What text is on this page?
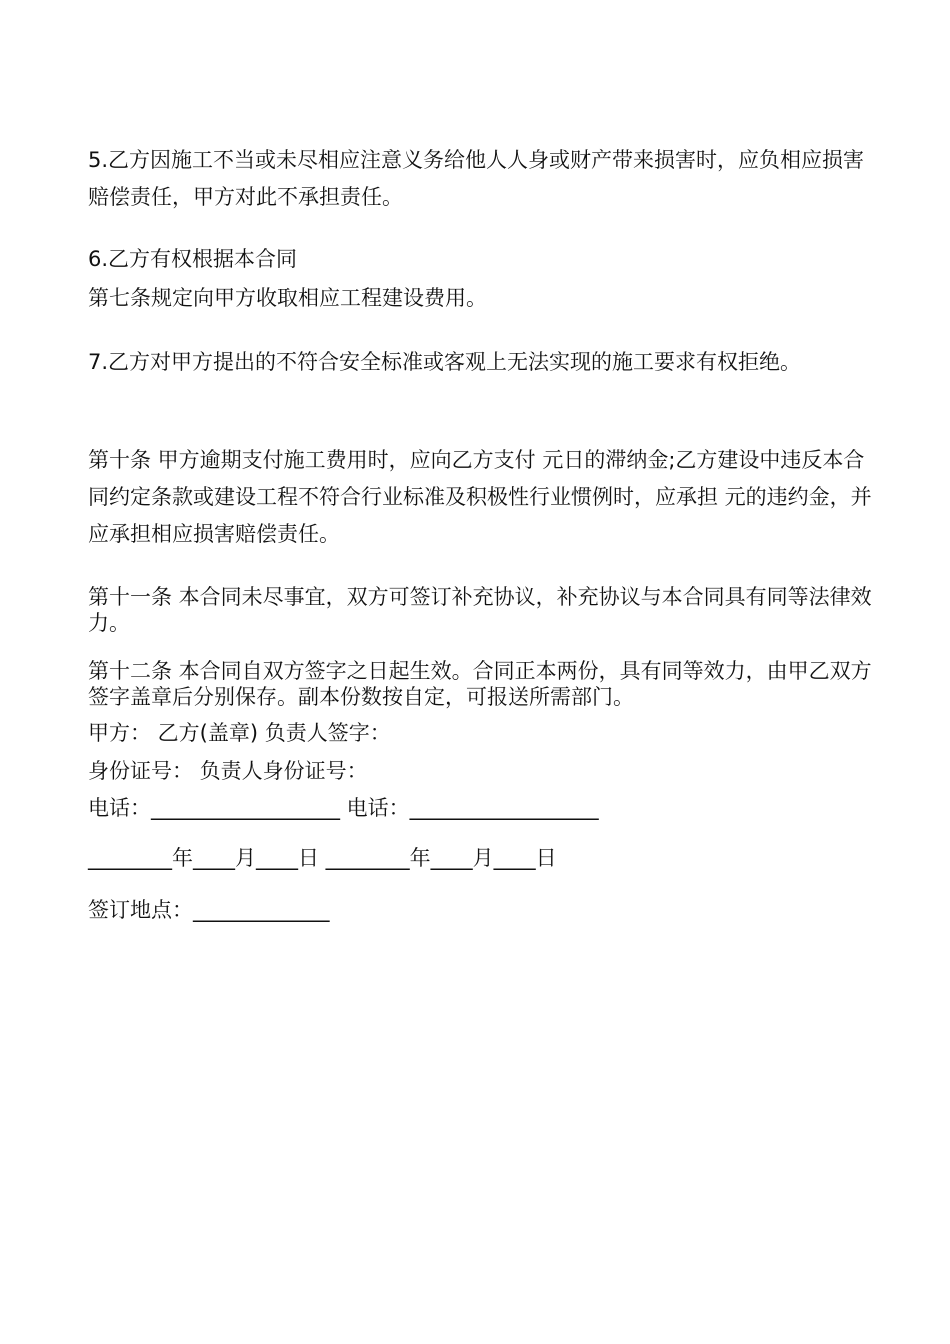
5.乙方因施工不当或未尽相应注意义务给他人人身或财产带来损害时，应负相应损害赔偿责任，甲方对此不承担责任。

6.乙方有权根据本合同

第七条规定向甲方收取相应工程建设费用。

7.乙方对甲方提出的不符合安全标准或客观上无法实现的施工要求有权拒绝。

第十条 甲方逾期支付施工费用时，应向乙方支付 元日的滞纳金;乙方建设中违反本合同约定条款或建设工程不符合行业标准及积极性行业惯例时，应承担 元的违约金，并应承担相应损害赔偿责任。

第十一条 本合同未尽事宜，双方可签订补充协议，补充协议与本合同具有同等法律效力。

第十二条 本合同自双方签字之日起生效。合同正本两份，具有同等效力，由甲乙双方签字盖章后分别保存。副本份数按自定，可报送所需部门。

甲方： 乙方(盖章) 负责人签字：

身份证号： 负责人身份证号：

电话：__________________ 电话：__________________

________年____月____日 ________年____月____日

签订地点：_____________
